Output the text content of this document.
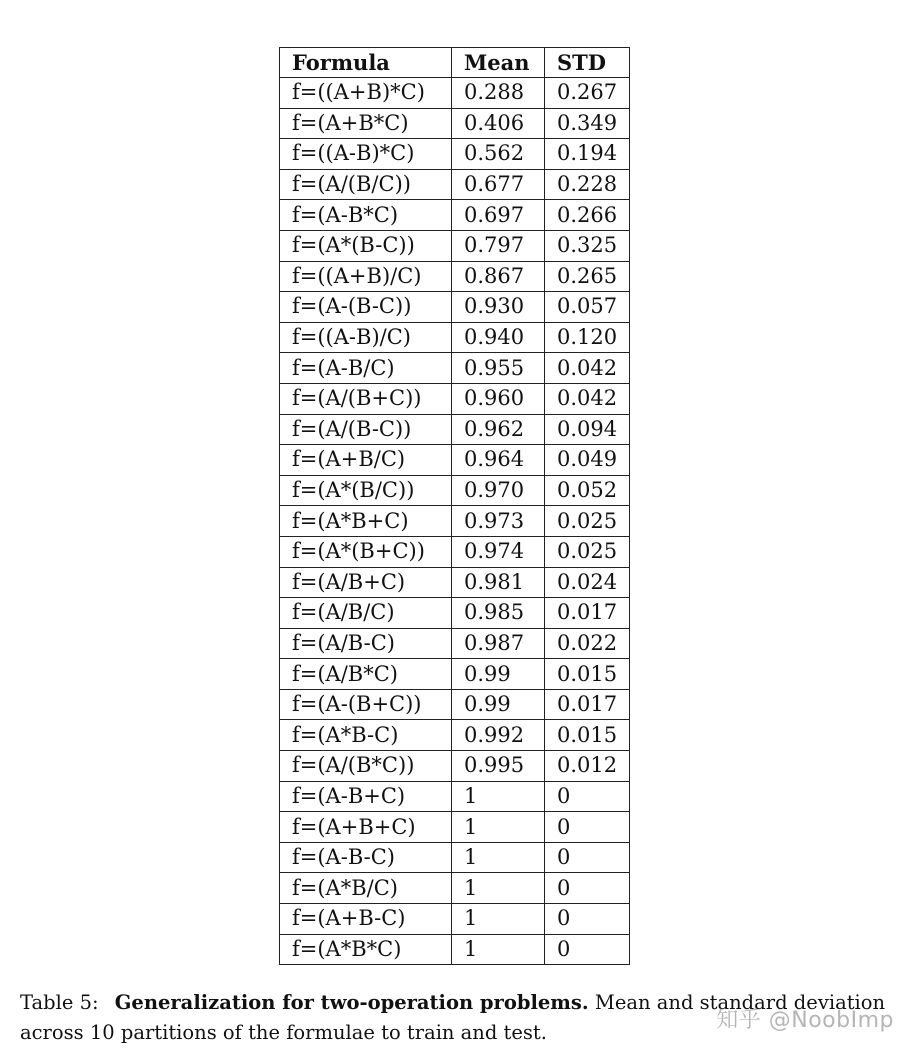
Formula	Mean	STD
f=((A+B)*C)	0.288	0.267
f=(A+B*C)	0.406	0.349
f=((A-B)*C)	0.562	0.194
f=(A/(B/C))	0.677	0.228
f=(A-B*C)	0.697	0.266
f=(A*(B-C))	0.797	0.325
f=((A+B)/C)	0.867	0.265
f=(A-(B-C))	0.930	0.057
f=((A-B)/C)	0.940	0.120
f=(A-B/C)	0.955	0.042
f=(A/(B+C))	0.960	0.042
f=(A/(B-C))	0.962	0.094
f=(A+B/C)	0.964	0.049
f=(A*(B/C))	0.970	0.052
f=(A*B+C)	0.973	0.025
f=(A*(B+C))	0.974	0.025
f=(A/B+C)	0.981	0.024
f=(A/B/C)	0.985	0.017
f=(A/B-C)	0.987	0.022
f=(A/B*C)	0.99	0.015
f=(A-(B+C))	0.99	0.017
f=(A*B-C)	0.992	0.015
f=(A/(B*C))	0.995	0.012
f=(A-B+C)	1	0
f=(A+B+C)	1	0
f=(A-B-C)	1	0
f=(A*B/C)	1	0
f=(A+B-C)	1	0
f=(A*B*C)	1	0
Table 5: Generalization for two-operation problems. Mean and standard deviation across 10 partitions of the formulae to train and test.	知乎 @NoobImp
